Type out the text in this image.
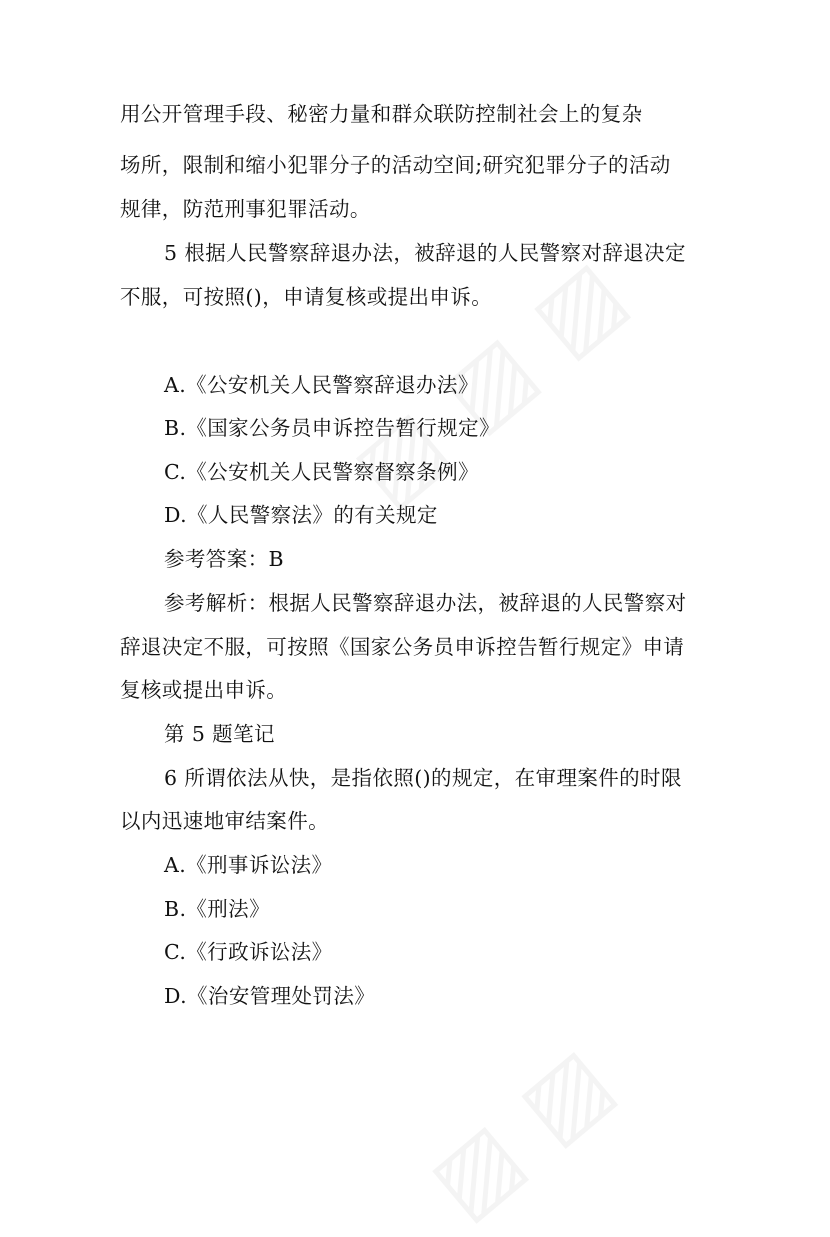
用公开管理手段、秘密力量和群众联防控制社会上的复杂
场所，限制和缩小犯罪分子的活动空间;研究犯罪分子的活动
规律，防范刑事犯罪活动。
5 根据人民警察辞退办法，被辞退的人民警察对辞退决定
不服，可按照()，申请复核或提出申诉。
A.《公安机关人民警察辞退办法》
B.《国家公务员申诉控告暂行规定》
C.《公安机关人民警察督察条例》
D.《人民警察法》的有关规定
参考答案：B
参考解析：根据人民警察辞退办法，被辞退的人民警察对
辞退决定不服，可按照《国家公务员申诉控告暂行规定》申请
复核或提出申诉。
第 5 题笔记
6 所谓依法从快，是指依照()的规定，在审理案件的时限
以内迅速地审结案件。
A.《刑事诉讼法》
B.《刑法》
C.《行政诉讼法》
D.《治安管理处罚法》
